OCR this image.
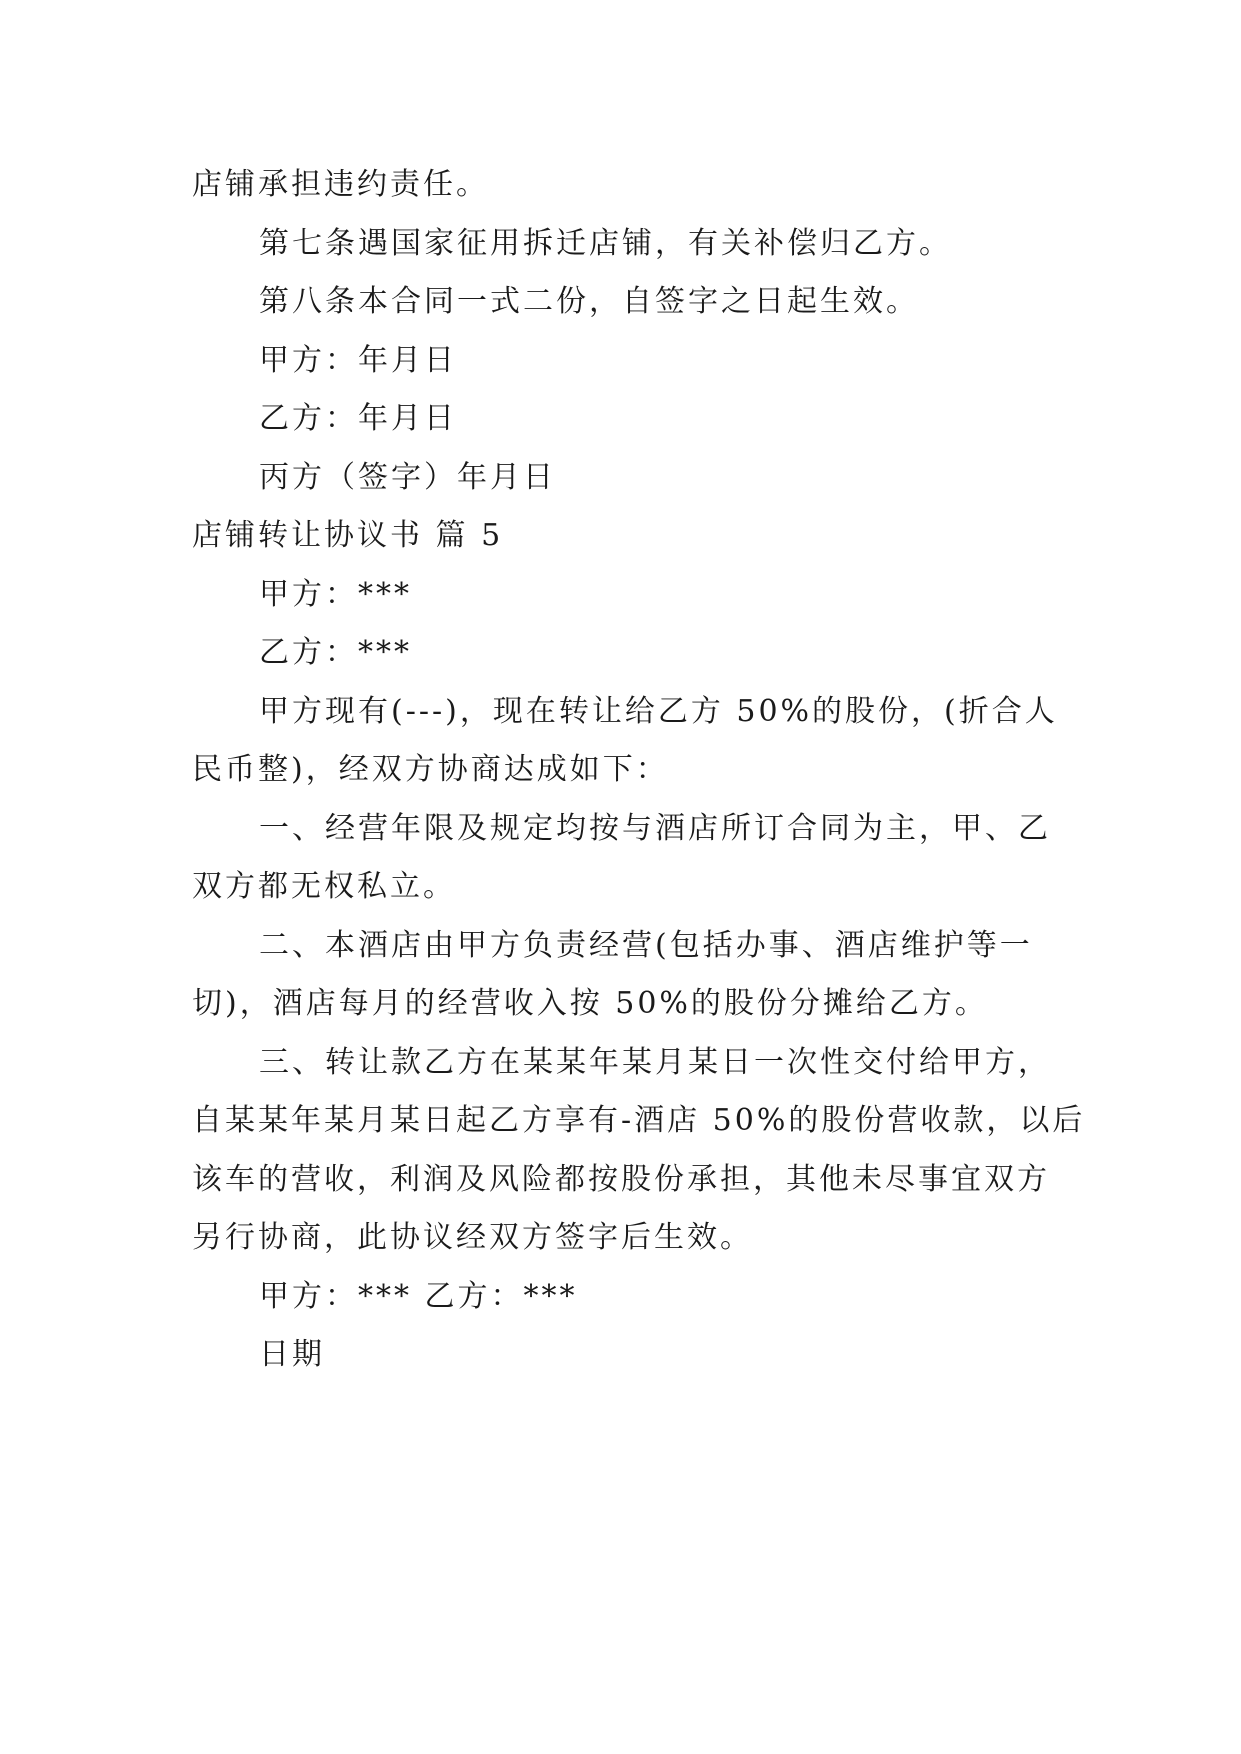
店铺承担违约责任。

第七条遇国家征用拆迁店铺，有关补偿归乙方。

第八条本合同一式二份，自签字之日起生效。

甲方：年月日

乙方：年月日

丙方（签字）年月日

店铺转让协议书 篇 5

甲方：***

乙方：***

甲方现有(---)，现在转让给乙方 50%的股份，(折合人

民币整)，经双方协商达成如下：

一、经营年限及规定均按与酒店所订合同为主，甲、乙

双方都无权私立。

二、本酒店由甲方负责经营(包括办事、酒店维护等一

切)，酒店每月的经营收入按 50%的股份分摊给乙方。

三、转让款乙方在某某年某月某日一次性交付给甲方，

自某某年某月某日起乙方享有-酒店 50%的股份营收款，以后

该车的营收，利润及风险都按股份承担，其他未尽事宜双方

另行协商，此协议经双方签字后生效。

甲方：*** 乙方：***

日期
